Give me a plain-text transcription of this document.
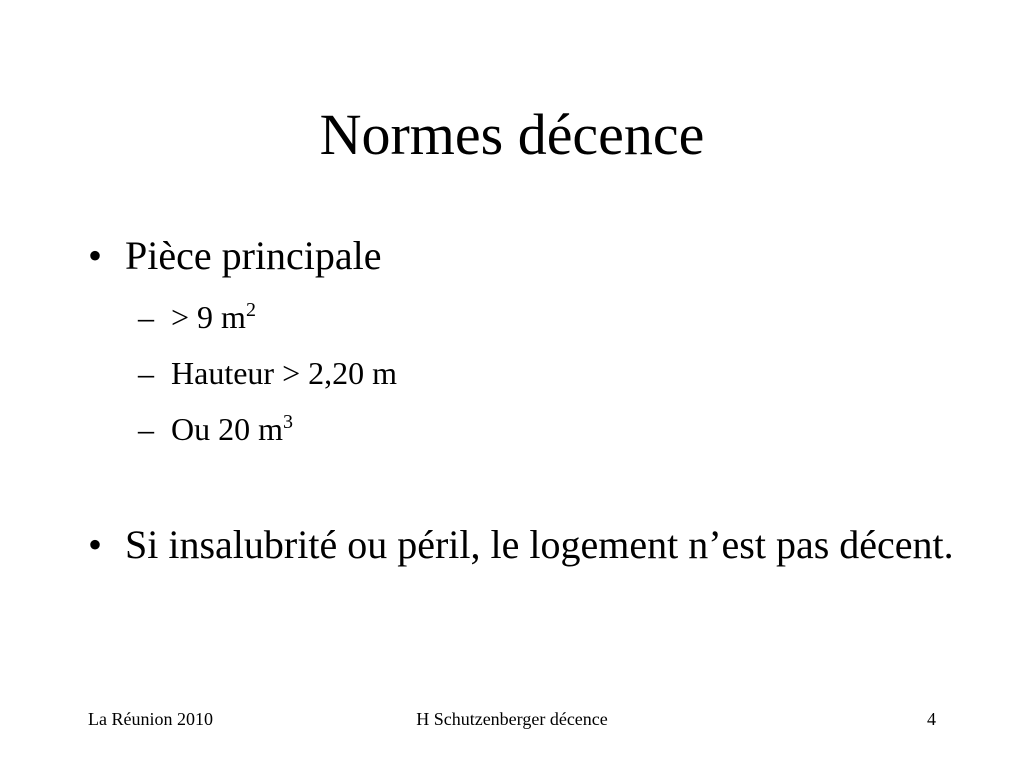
Normes décence
• Pièce principale
– > 9 $m^2$
– Hauteur > 2,20 m
– Ou 20 $m^3$
• Si insalubrité ou péril, le logement n’est pas décent.
La Réunion 2010	H Schutzenberger décence	4
